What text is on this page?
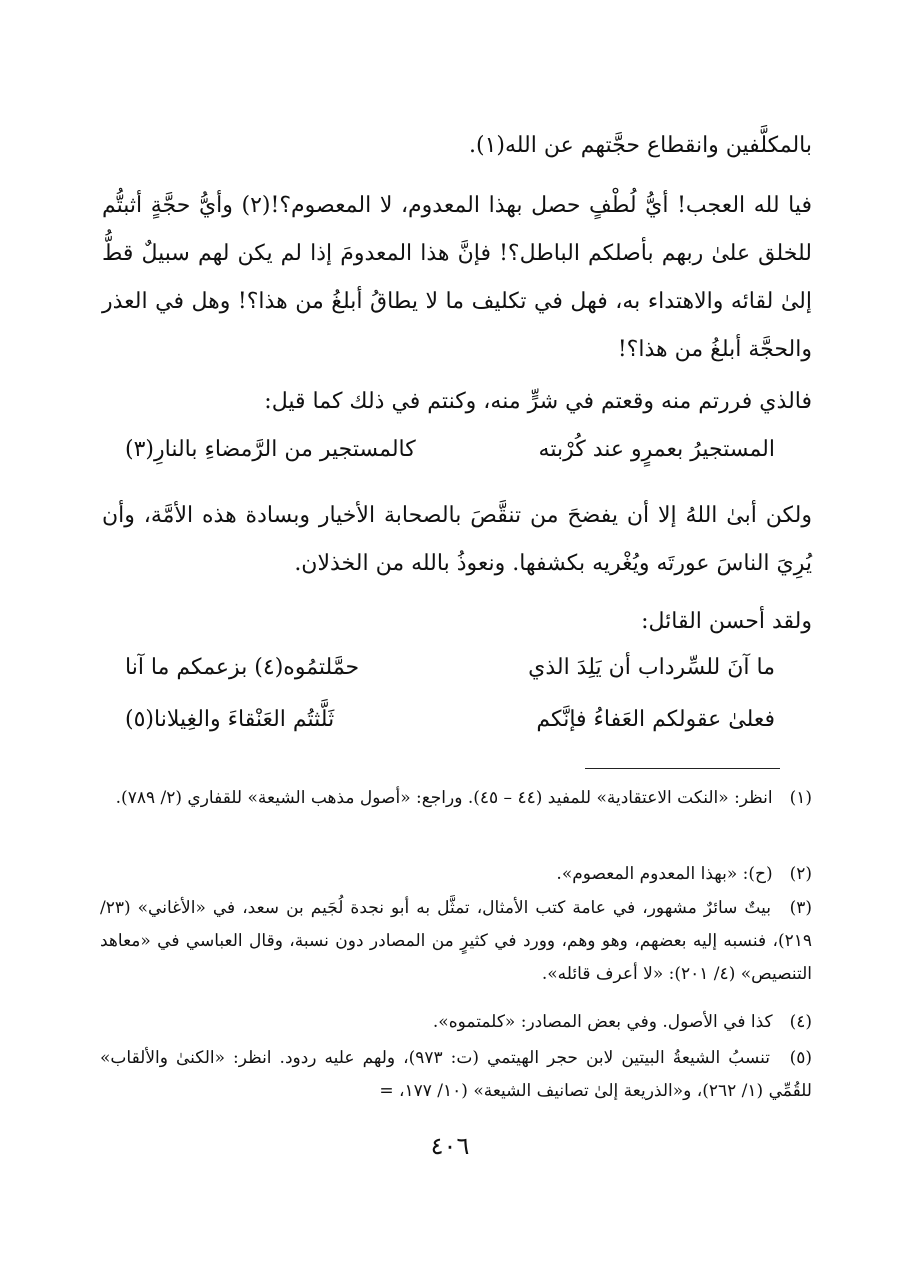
بالمكلَّفين وانقطاع حجَّتهم عن الله(١).

فيا لله العجب! أيُّ لُطْفٍ حصل بهذا المعدوم، لا المعصوم؟!(٢) وأيُّ حجَّةٍ أثبتُّم للخلق علىٰ ربهم بأصلكم الباطل؟! فإنَّ هذا المعدومَ إذا لم يكن لهم سبيلٌ قطُّ إلىٰ لقائه والاهتداء به، فهل في تكليف ما لا يطاقُ أبلغُ من هذا؟! وهل في العذر والحجَّة أبلغُ من هذا؟!

فالذي فررتم منه وقعتم في شرٍّ منه، وكنتم في ذلك كما قيل:

المستجيرُ بعمرٍو عند كُرْبته
كالمستجير من الرَّمضاءِ بالنارِ(٣)

ولكن أبىٰ اللهُ إلا أن يفضحَ من تنقَّصَ بالصحابة الأخيار وبسادة هذه الأمَّة، وأن يُرِيَ الناسَ عورتَه ويُغْريه بكشفها. ونعوذُ بالله من الخذلان.

ولقد أحسن القائل:

ما آنَ للسِّرداب أن يَلِدَ الذي
حمَّلتمُوه(٤) بزعمكم ما آنا
فعلىٰ عقولكم العَفاءُ فإنَّكم
ثَلَّثتُم العَنْقاءَ والغِيلانا(٥)

(١) انظر: «النكت الاعتقادية» للمفيد (٤٤ – ٤٥). وراجع: «أصول مذهب الشيعة» للقفاري (٢/ ٧٨٩).

(٢) (ح): «بهذا المعدوم المعصوم».

(٣) بيتٌ سائرٌ مشهور، في عامة كتب الأمثال، تمثَّل به أبو نجدة لُجَيم بن سعد، في «الأغاني» (٢٣/ ٢١٩)، فنسبه إليه بعضهم، وهو وهم، وورد في كثيرٍ من المصادر دون نسبة، وقال العباسي في «معاهد التنصيص» (٤/ ٢٠١): «لا أعرف قائله».

(٤) كذا في الأصول. وفي بعض المصادر: «كلمتموه».

(٥) تنسبُ الشيعةُ البيتين لابن حجر الهيتمي (ت: ٩٧٣)، ولهم عليه ردود. انظر: «الكنىٰ والألقاب» للقُمِّي (١/ ٢٦٢)، و«الذريعة إلىٰ تصانيف الشيعة» (١٠/ ١٧٧، =

٤٠٦
